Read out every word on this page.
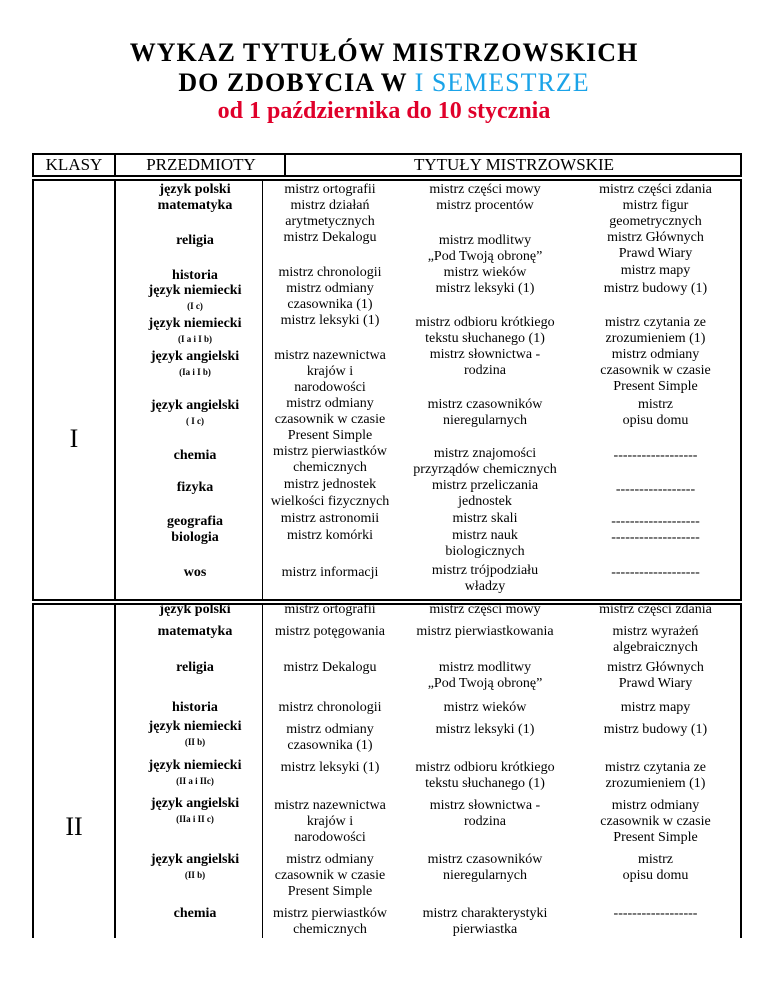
WYKAZ TYTUŁÓW MISTRZOWSKICH
DO ZDOBYCIA W I SEMESTRZE
od 1 października do 10 stycznia
KLASY	PRZEDMIOTY	TYTUŁY MISTRZOWSKIE
I
język polski
matematyka
religia
historia
język niemiecki
(I c)
język niemiecki
(I a i I b)
język angielski
(Ia i I b)
język angielski
( I c)
chemia
fizyka
geografia
biologia
wos
mistrz ortografii
mistrz działań
arytmetycznych
mistrz Dekalogu
mistrz chronologii
mistrz odmiany
czasownika (1)
mistrz leksyki (1)
mistrz nazewnictwa
krajów i
narodowości
mistrz odmiany
czasownik w czasie
Present Simple
mistrz pierwiastków
chemicznych
mistrz jednostek
wielkości fizycznych
mistrz astronomii
mistrz komórki
mistrz informacji
mistrz części mowy
mistrz procentów
mistrz modlitwy
„Pod Twoją obronę”
mistrz wieków
mistrz leksyki (1)
mistrz odbioru krótkiego
tekstu słuchanego (1)
mistrz słownictwa -
rodzina
mistrz czasowników
nieregularnych
mistrz znajomości
przyrządów chemicznych
mistrz przeliczania
jednostek
mistrz skali
mistrz nauk
biologicznych
mistrz trójpodziału
władzy
mistrz części zdania
mistrz figur
geometrycznych
mistrz Głównych
Prawd Wiary
mistrz mapy
mistrz budowy (1)
mistrz czytania ze
zrozumieniem (1)
mistrz odmiany
czasownik w czasie
Present Simple
mistrz
opisu domu
------------------
-----------------
-------------------
-------------------
-------------------
II
język polski
matematyka
religia
historia
język niemiecki
(II b)
język niemiecki
(II a i IIc)
język angielski
(IIa i II c)
język angielski
(II b)
chemia
mistrz ortografii
mistrz potęgowania
mistrz Dekalogu
mistrz chronologii
mistrz odmiany
czasownika (1)
mistrz leksyki (1)
mistrz nazewnictwa
krajów i
narodowości
mistrz odmiany
czasownik w czasie
Present Simple
mistrz pierwiastków
chemicznych
mistrz części mowy
mistrz pierwiastkowania
mistrz modlitwy
„Pod Twoją obronę”
mistrz wieków
mistrz leksyki (1)
mistrz odbioru krótkiego
tekstu słuchanego (1)
mistrz słownictwa -
rodzina
mistrz czasowników
nieregularnych
mistrz charakterystyki
pierwiastka
mistrz części zdania
mistrz wyrażeń
algebraicznych
mistrz Głównych
Prawd Wiary
mistrz mapy
mistrz budowy (1)
mistrz czytania ze
zrozumieniem (1)
mistrz odmiany
czasownik w czasie
Present Simple
mistrz
opisu domu
------------------
